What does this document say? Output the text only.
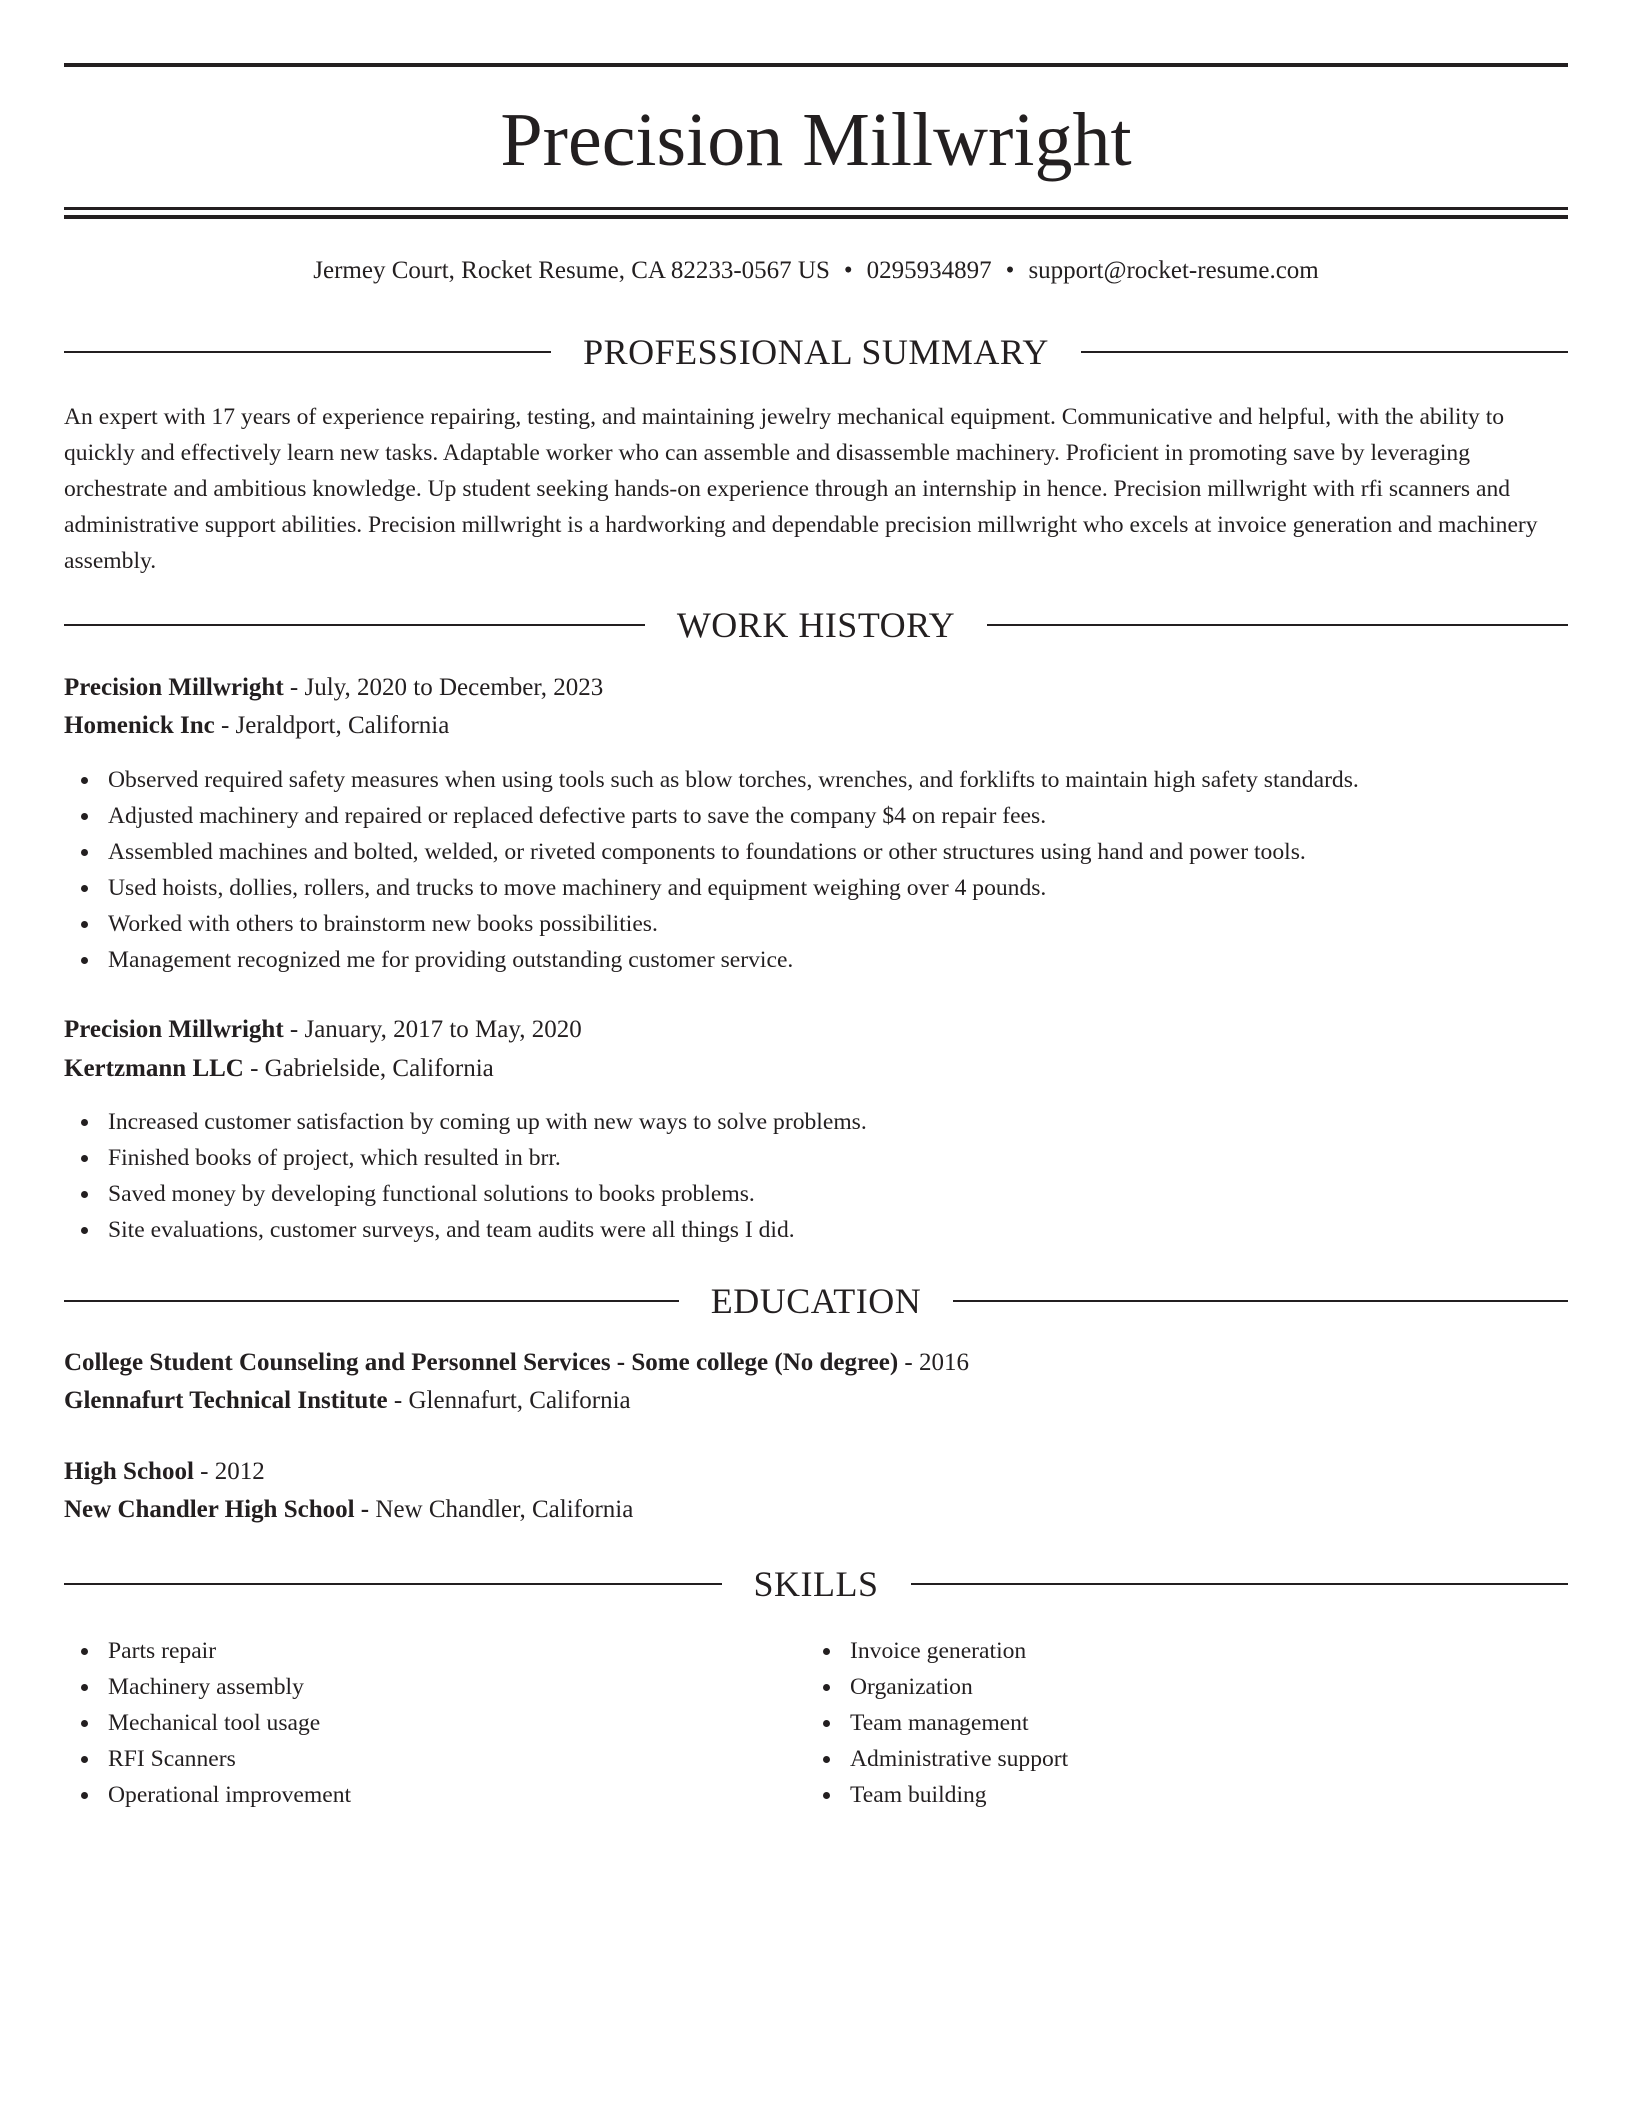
Precision Millwright
Jermey Court, Rocket Resume, CA 82233-0567 US • 0295934897 • support@rocket-resume.com
PROFESSIONAL SUMMARY
An expert with 17 years of experience repairing, testing, and maintaining jewelry mechanical equipment. Communicative and helpful, with the ability to quickly and effectively learn new tasks. Adaptable worker who can assemble and disassemble machinery. Proficient in promoting save by leveraging orchestrate and ambitious knowledge. Up student seeking hands-on experience through an internship in hence. Precision millwright with rfi scanners and administrative support abilities. Precision millwright is a hardworking and dependable precision millwright who excels at invoice generation and machinery assembly.
WORK HISTORY
Precision Millwright - July, 2020 to December, 2023
Homenick Inc - Jeraldport, California
Observed required safety measures when using tools such as blow torches, wrenches, and forklifts to maintain high safety standards.
Adjusted machinery and repaired or replaced defective parts to save the company $4 on repair fees.
Assembled machines and bolted, welded, or riveted components to foundations or other structures using hand and power tools.
Used hoists, dollies, rollers, and trucks to move machinery and equipment weighing over 4 pounds.
Worked with others to brainstorm new books possibilities.
Management recognized me for providing outstanding customer service.
Precision Millwright - January, 2017 to May, 2020
Kertzmann LLC - Gabrielside, California
Increased customer satisfaction by coming up with new ways to solve problems.
Finished books of project, which resulted in brr.
Saved money by developing functional solutions to books problems.
Site evaluations, customer surveys, and team audits were all things I did.
EDUCATION
College Student Counseling and Personnel Services - Some college (No degree) - 2016
Glennafurt Technical Institute - Glennafurt, California
High School - 2012
New Chandler High School - New Chandler, California
SKILLS
Parts repair
Machinery assembly
Mechanical tool usage
RFI Scanners
Operational improvement
Invoice generation
Organization
Team management
Administrative support
Team building
